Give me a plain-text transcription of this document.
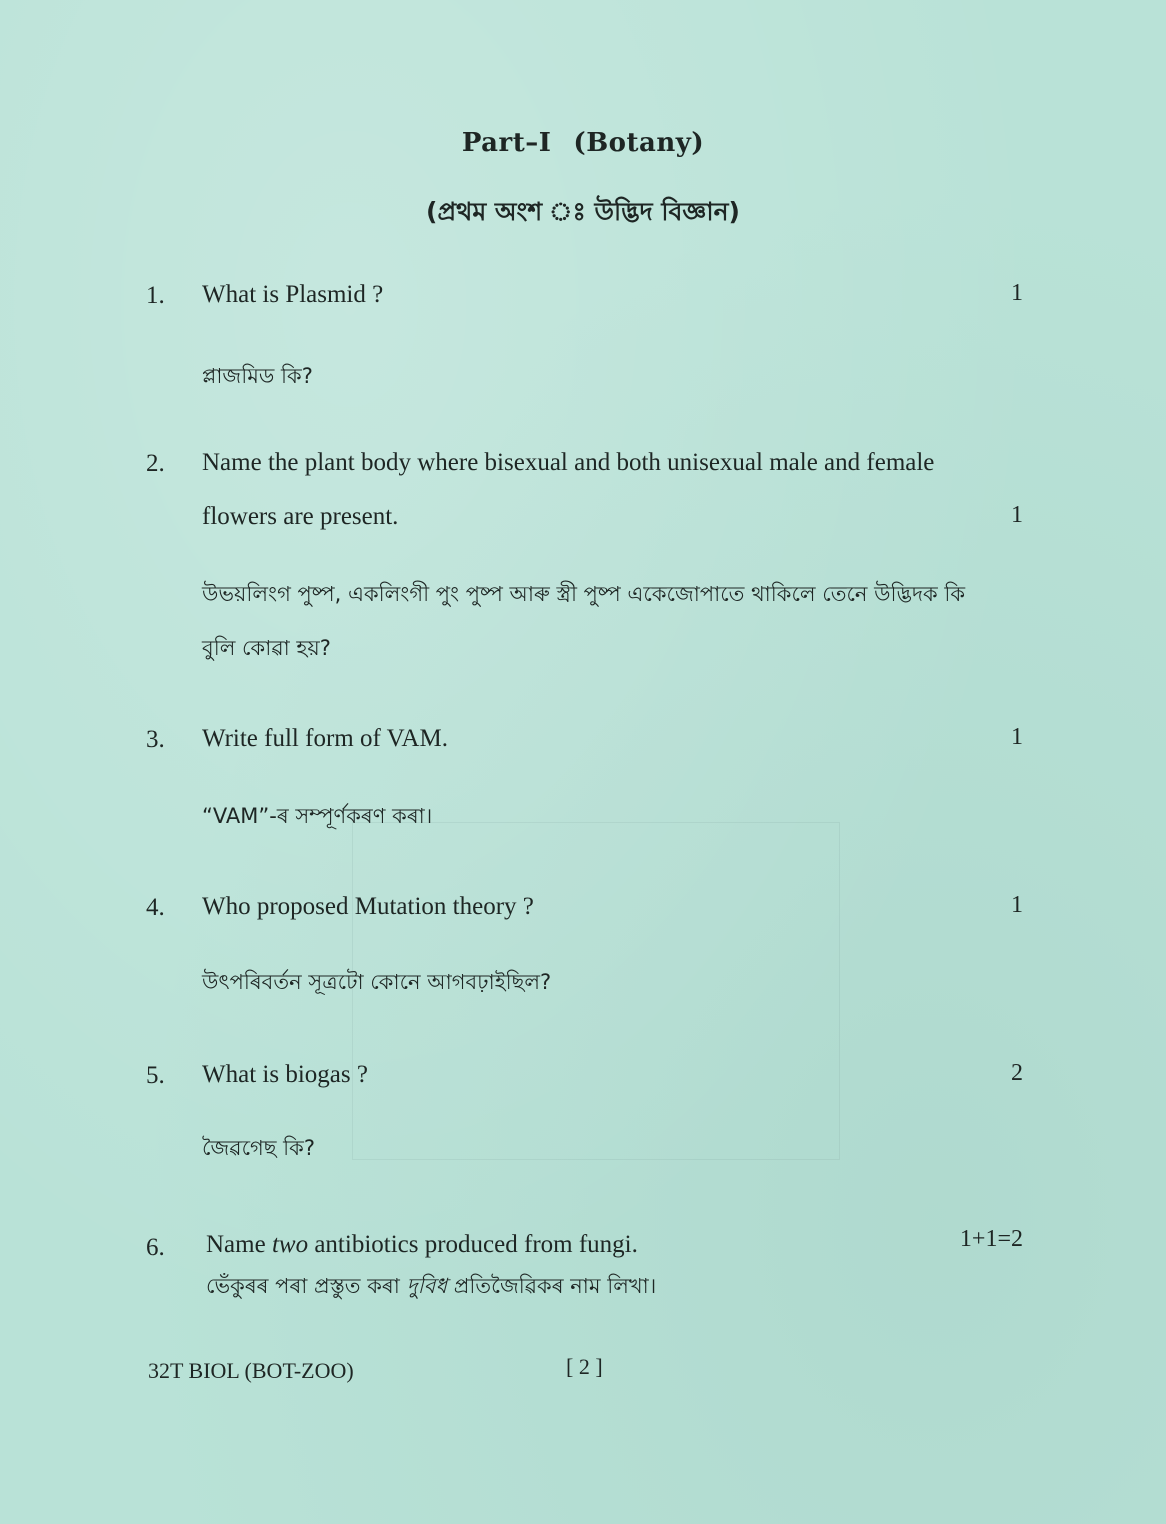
Part–I (Botany)
(প্ৰথম অংশ ঃ উদ্ভিদ বিজ্ঞান)
1. What is Plasmid ?	1
প্লাজমিড কি?
2. Name the plant body where bisexual and both unisexual male and female
flowers are present.	1
উভয়লিংগ পুষ্প, একলিংগী পুং পুষ্প আৰু স্ত্ৰী পুষ্প একেজোপাতে থাকিলে তেনে উদ্ভিদক কি
বুলি কোৱা হয়?
3. Write full form of VAM.	1
“VAM”-ৰ সম্পূৰ্ণকৰণ কৰা।
4. Who proposed Mutation theory ?	1
উৎপৰিবৰ্তন সূত্ৰটো কোনে আগবঢ়াইছিল?
5. What is biogas ?	2
জৈৱগেছ কি?
6. Name two antibiotics produced from fungi.	1+1=2
ভেঁকুৰৰ পৰা প্ৰস্তুত কৰা দুবিধ প্ৰতিজৈৱিকৰ নাম লিখা।
32T BIOL (BOT-ZOO)	[ 2 ]
